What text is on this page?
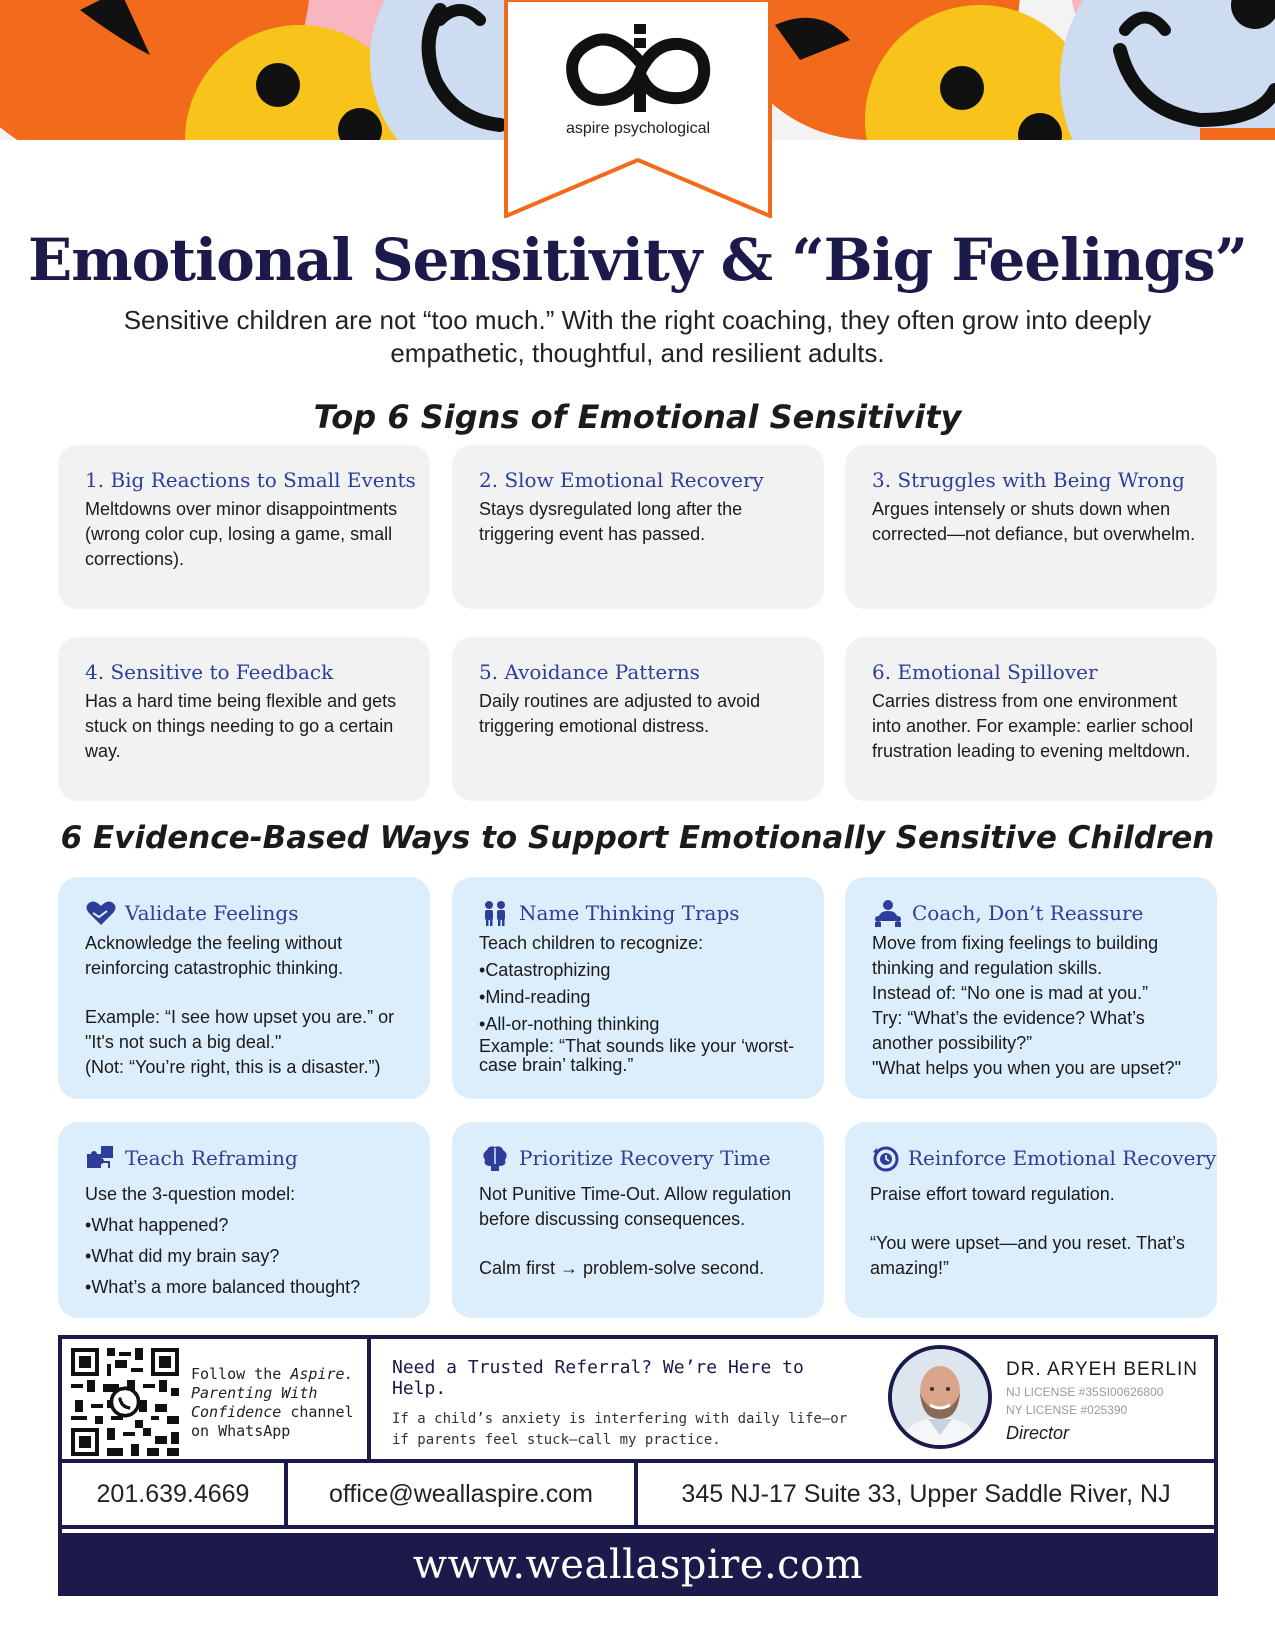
aspire psychological
Emotional Sensitivity & “Big Feelings”

Sensitive children are not “too much.” With the right coaching, they often grow into deeply empathetic, thoughtful, and resilient adults.

Top 6 Signs of Emotional Sensitivity
1. Big Reactions to Small Events
Meltdowns over minor disappointments (wrong color cup, losing a game, small corrections).
2. Slow Emotional Recovery
Stays dysregulated long after the triggering event has passed.
3. Struggles with Being Wrong
Argues intensely or shuts down when corrected—not defiance, but overwhelm.
4. Sensitive to Feedback
Has a hard time being flexible and gets stuck on things needing to go a certain way.
5. Avoidance Patterns
Daily routines are adjusted to avoid triggering emotional distress.
6. Emotional Spillover
Carries distress from one environment into another. For example: earlier school frustration leading to evening meltdown.
6 Evidence-Based Ways to Support Emotionally Sensitive Children
Validate Feelings
Acknowledge the feeling without reinforcing catastrophic thinking.
Example: “I see how upset you are.” or "It's not such a big deal."
(Not: “You’re right, this is a disaster.”)
Name Thinking Traps
Teach children to recognize:
• Catastrophizing
• Mind-reading
• All-or-nothing thinking
Example: “That sounds like your ‘worst-case brain’ talking.”
Coach, Don’t Reassure
Move from fixing feelings to building thinking and regulation skills.
Instead of: “No one is mad at you.”
Try: “What’s the evidence? What’s another possibility?”
"What helps you when you are upset?"
Teach Reframing
Use the 3-question model:
• What happened?
• What did my brain say?
• What’s a more balanced thought?
Prioritize Recovery Time
Not Punitive Time-Out. Allow regulation before discussing consequences.
Calm first → problem-solve second.
Reinforce Emotional Recovery
Praise effort toward regulation.
“You were upset—and you reset. That’s amazing!”
Follow the Aspire. Parenting With Confidence channel on WhatsApp
Need a Trusted Referral? We’re Here to Help.
If a child’s anxiety is interfering with daily life—or if parents feel stuck—call my practice.
DR. ARYEH BERLIN
NJ LICENSE #35SI00626800
NY LICENSE #025390
Director
201.639.4669	office@weallaspire.com	345 NJ-17 Suite 33, Upper Saddle River, NJ
www.weallaspire.com
